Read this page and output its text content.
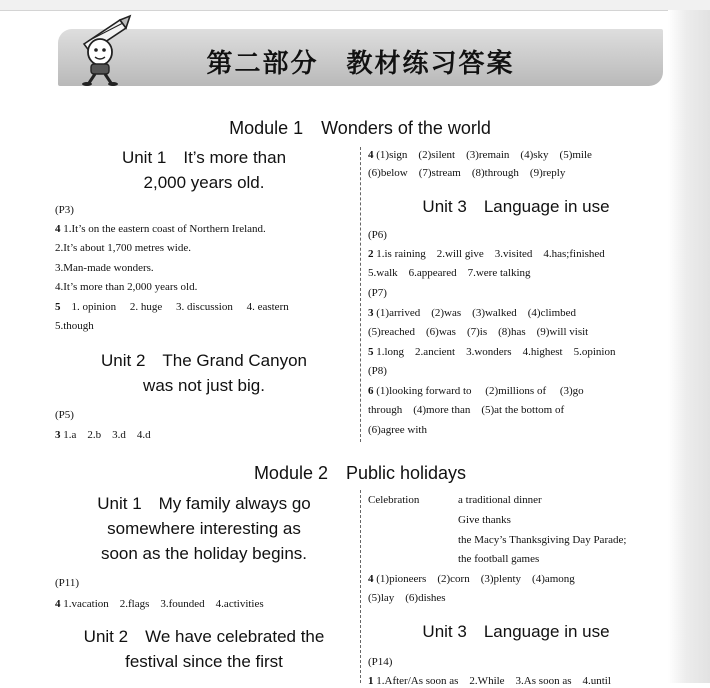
第二部分　教材练习答案
Module 1　Wonders of the world
Unit 1　It’s more than
2,000 years old.
(P3)
4 1.It’s on the eastern coast of Northern Ireland.
2.It’s about 1,700 metres wide.
3.Man-made wonders.
4.It’s more than 2,000 years old.
5　1. opinion　 2. huge　 3. discussion　 4. eastern
5.though
Unit 2　The Grand Canyon
was not just big.
(P5)
3 1.a　2.b　3.d　4.d
4 (1)sign　(2)silent　(3)remain　(4)sky　(5)mile
(6)below　(7)stream　(8)through　(9)reply
Unit 3　Language in use
(P6)
2 1.is raining　2.will give　3.visited　4.has;finished
5.walk　6.appeared　7.were talking
(P7)
3 (1)arrived　(2)was　(3)walked　(4)climbed
(5)reached　(6)was　(7)is　(8)has　(9)will visit
5 1.long　2.ancient　3.wonders　4.highest　5.opinion
(P8)
6 (1)looking forward to　 (2)millions of　 (3)go
through　(4)more than　(5)at the bottom of
(6)agree with
Module 2　Public holidays
Unit 1　My family always go
somewhere interesting as
soon as the holiday begins.
(P11)
4 1.vacation　2.flags　3.founded　4.activities
Unit 2　We have celebrated the
festival since the first
Celebration	a traditional dinner
Give thanks
the Macy’s Thanksgiving Day Parade;
the football games
4 (1)pioneers　(2)corn　(3)plenty　(4)among
(5)lay　(6)dishes
Unit 3　Language in use
(P14)
1 1.After/As soon as　2.While　3.As soon as　4.until
